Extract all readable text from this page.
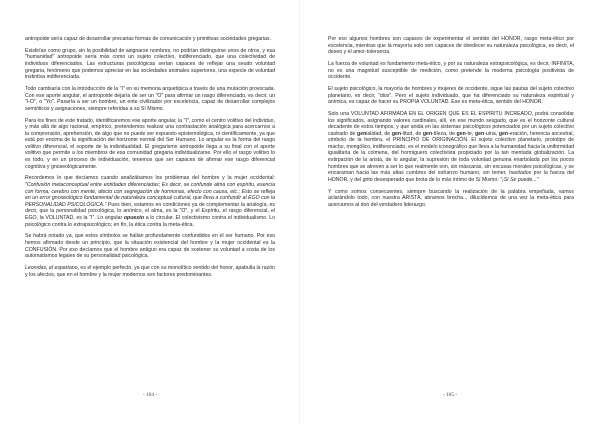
antropoide sería capaz de desarrollar precarias formas de comunicación y primitivas sociedades gregarias.

Existirían como grupo, sin la posibilidad de asignarse nombres, no podrían distinguirse unos de otros, y esa "humanidad" antropoide sería más como un sujeto colectivo, indiferenciado, que una colectividad de individuos diferenciados. Las estructuras psicológicas serían capaces de reflejar una seudo voluntad gregaria, fenómeno que podemos apreciar en las sociedades animales superiores, una especie de voluntad instintiva indiferenciada.

Todo cambiaría con la introducción de la "I" en su memoria arquetípica a través de una mutación provocada. Con ese aporte angular, el antropoide dejaría de ser un "O" para afirmar un rasgo diferenciado, es decir, un "I-O", o "Yo". Pasaría a ser un hombre, un ente civilizador por excelencia, capaz de desarrollar complejos semióticos y asignaciones, siempre referidas a su Sí Mismo.

Para los fines de este tratado, identificaremos ese aporte angular, la "I", como el centro volitivo del individuo, y más allá de algo racional, empírico, pretendemos realizar una contrastación analógica para acercarnos a la comprensión, aprehensión, de algo que no puede ser expuesto epistemológica, ni científicamente, ya que está por encima de la significación del horizonte normal del Ser Humano. Lo angular es la forma del rasgo volitivo diferencial, el soporte de la individualidad. El gregarismo antropoide llega a su final con el aporte volitivo que permite a los miembros de esa comunidad gregaria individualizarse. Por ello el rasgo volitivo lo es todo, y en un proceso de individuación, tenemos que ser capaces de afirmar ese rasgo diferencial cognitiva y gnoseológicamente.

Recordemos lo que decíamos cuando analizábamos los problemas del hombre y la mujer occidental: "Confusión metaconceptual entre entidades diferenciadas; Es decir, se confunde alma con espíritu, esencia con forma, cerebro con mente, afecto con segregación de hormonas, efecto con causa, etc.; Esto se refleja en un error gnoseológico fundamental de naturaleza conceptual cultural, que lleva a confundir al EGO con la PERSONALIDAD PSICOLÓGICA." Pues bien, estamos en condiciones ya de complementar la analogía, es decir, que la personalidad psicológica, lo anímico, el alma, es la "O", y el Espíritu, el rasgo diferencial, el EGO, la VOLUNTAD, es la "I". Lo angular opuesto a lo circular. El colectivismo contra el individualismo. Lo psicológico contra lo extrapsicológico; en fin, la ética contra la meta-ética.

Se habrá notado ya, que estos símbolos se hallan profundamente confundidos en el ser humano. Por eso hemos afirmado desde un principio, que la situación existencial del hombre y la mujer occidental es la CONFUSIÓN. Por eso decíamos que el hombre antiguo era capaz de sostener su voluntad a costa de los automatismos legales de su personalidad psicológica.

Leonidas, el espartano, es el ejemplo perfecto, ya que con su monolítico sentido del honor, apabulla la razón y los afectos, que en el hombre y la mujer modernos son factores predominantes.

- 104 -

Por eso algunos hombres son capaces de experimentar el sentido del HONOR, rasgo meta-ético por excelencia, mientras que la mayoría solo son capaces de obedecer su naturaleza psicológica, es decir, el deseo y el amor-tolerancia.

La fuerza de voluntad es fundamento meta-ético, y por su naturaleza extrapsicológica, es decir, INFINITA, no es una magnitud susceptible de medición, como pretende la moderna psicología positivista de occidente.

El sujeto psicológico, la mayoría de hombres y mujeres de occidente, sigue las pautas del sujeto colectivo planetario, es decir, "dios". Pero el sujeto individuado, que ha diferenciado su naturaleza espiritual y anímica, es capaz de hacer su PROPIA VOLUNTAD. Ese es meta-ética, sentido del HONOR.

Solo una VOLUNTAD AFIRMADA EN EL ORIGEN QUE ES EL ESPÍRITU INCREADO, podrá consolidar los significados, asignando valores cardinales, allí, en ese mundo sesgado, que es el horizonte cultural decadente de estos tiempos, y que anida en las sistemas psicológicos potenciados por un sujeto colectivo castrado de genialidad, de gen-litud, de gen-tileza, de gen-te, gen-uina, gen-eración, herencia ancestral, símbolo de la hembra, el PRINCIPIO DE ORIGINACIÓN. El sujeto colectivo planetario, prototipo de macho, mongólico, indiferenciado, es el modelo iconográfico que lleva a la humanidad hacia la uniformidad igualitaria de la colmena, del hormiguero colectivista propiciado por la tan mentada globalización. La extirpación de la arista, de lo angular, la supresión de toda voluntad genuina enarbolada por los pocos hombres que se atreven a ser lo que realmente son, sin máscaras, sin excusas morales psicológicas, y se encaraman hacia las más altas cumbres del esfuerzo humano, sin temer, hastiados por la fuerza del HONOR, y del grito desesperado que brota de lo más íntimo de Sí Mismo: "¡Sí Se puede..."

Y como somos consecuentes, siempre buscando la realización de la palabra empeñada, vamos aclarándolo todo, con nuestra ARISTA, abramos brecha... dilucidemos de una vez la meta-ética para acercarnos al don del verdadero liderazgo.

- 105 -
